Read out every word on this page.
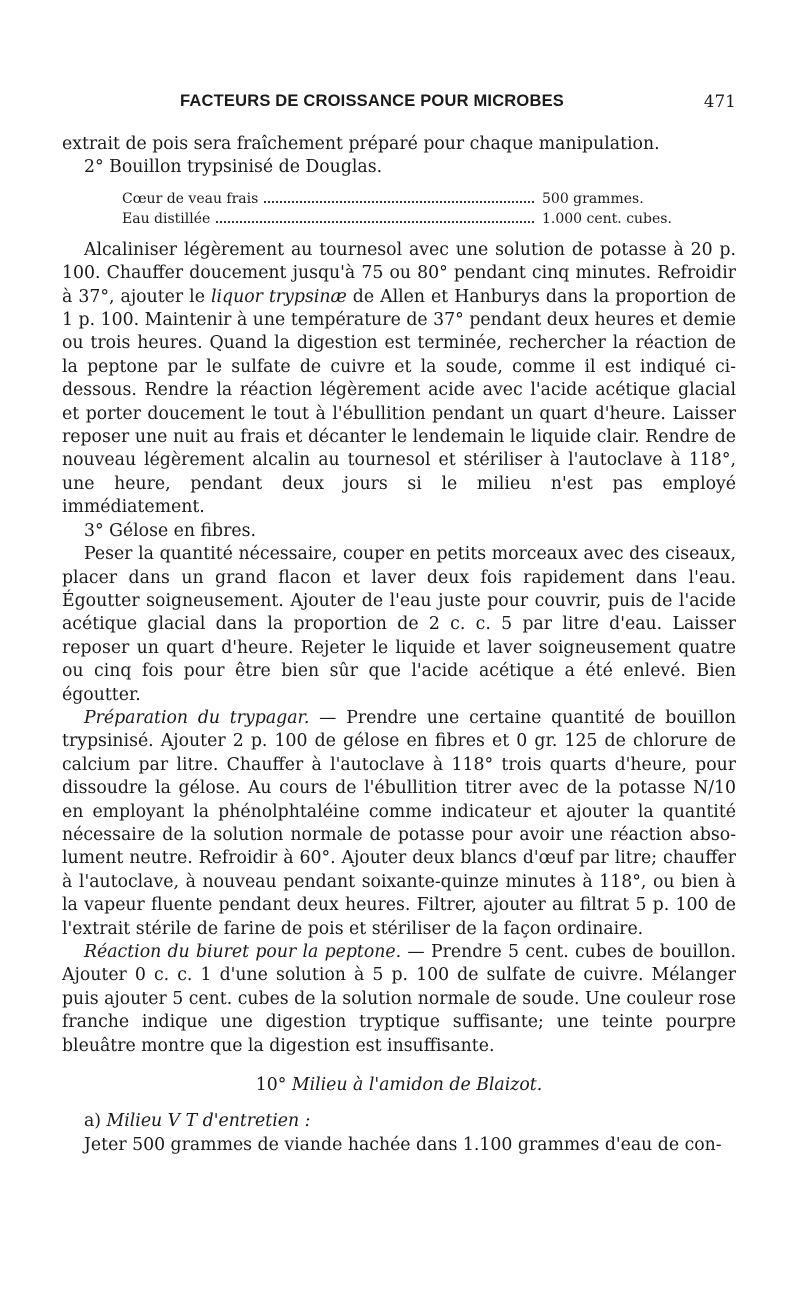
FACTEURS DE CROISSANCE POUR MICROBES	471

extrait de pois sera fraîchement préparé pour chaque manipulation.

2° Bouillon trypsinisé de Douglas.

Cœur de veau frais	500 grammes.
Eau distillée	1.000 cent. cubes.

Alcaliniser légèrement au tournesol avec une solution de potasse à 20 p. 100. Chauffer doucement jusqu'à 75 ou 80° pendant cinq minutes. Refroidir à 37°, ajouter le liquor trypsinæ de Allen et Hanburys dans la proportion de 1 p. 100. Maintenir à une température de 37° pendant deux heures et demie ou trois heures. Quand la digestion est terminée, rechercher la réaction de la peptone par le sulfate de cuivre et la soude, comme il est indiqué ci-dessous. Rendre la réaction légèrement acide avec l'acide acétique glacial et porter doucement le tout à l'ébullition pendant un quart d'heure. Laisser reposer une nuit au frais et décanter le lendemain le liquide clair. Rendre de nouveau légèrement alcalin au tournesol et stériliser à l'autoclave à 118°, une heure, pendant deux jours si le milieu n'est pas employé immédiatement.

3° Gélose en fibres.

Peser la quantité nécessaire, couper en petits morceaux avec des ciseaux, placer dans un grand flacon et laver deux fois rapidement dans l'eau. Égoutter soigneusement. Ajouter de l'eau juste pour couvrir, puis de l'acide acétique glacial dans la proportion de 2 c. c. 5 par litre d'eau. Laisser reposer un quart d'heure. Rejeter le liquide et laver soigneusement quatre ou cinq fois pour être bien sûr que l'acide acétique a été enlevé. Bien égoutter.

Préparation du trypagar. — Prendre une certaine quantité de bouillon trypsinisé. Ajouter 2 p. 100 de gélose en fibres et 0 gr. 125 de chlorure de calcium par litre. Chauffer à l'autoclave à 118° trois quarts d'heure, pour dissoudre la gélose. Au cours de l'ébullition titrer avec de la potasse N/10 en employant la phénolphtaléine comme indicateur et ajouter la quantité nécessaire de la solution normale de potasse pour avoir une réaction absolument neutre. Refroidir à 60°. Ajouter deux blancs d'œuf par litre; chauffer à l'autoclave, à nouveau pendant soixante-quinze minutes à 118°, ou bien à la vapeur fluente pendant deux heures. Filtrer, ajouter au filtrat 5 p. 100 de l'extrait stérile de farine de pois et stériliser de la façon ordinaire.

Réaction du biuret pour la peptone. — Prendre 5 cent. cubes de bouillon. Ajouter 0 c. c. 1 d'une solution à 5 p. 100 de sulfate de cuivre. Mélanger puis ajouter 5 cent. cubes de la solution normale de soude. Une couleur rose franche indique une digestion tryptique suffisante; une teinte pourpre bleuâtre montre que la digestion est insuffisante.

10° Milieu à l'amidon de Blaizot.

a) Milieu V T d'entretien :

Jeter 500 grammes de viande hachée dans 1.100 grammes d'eau de con-
